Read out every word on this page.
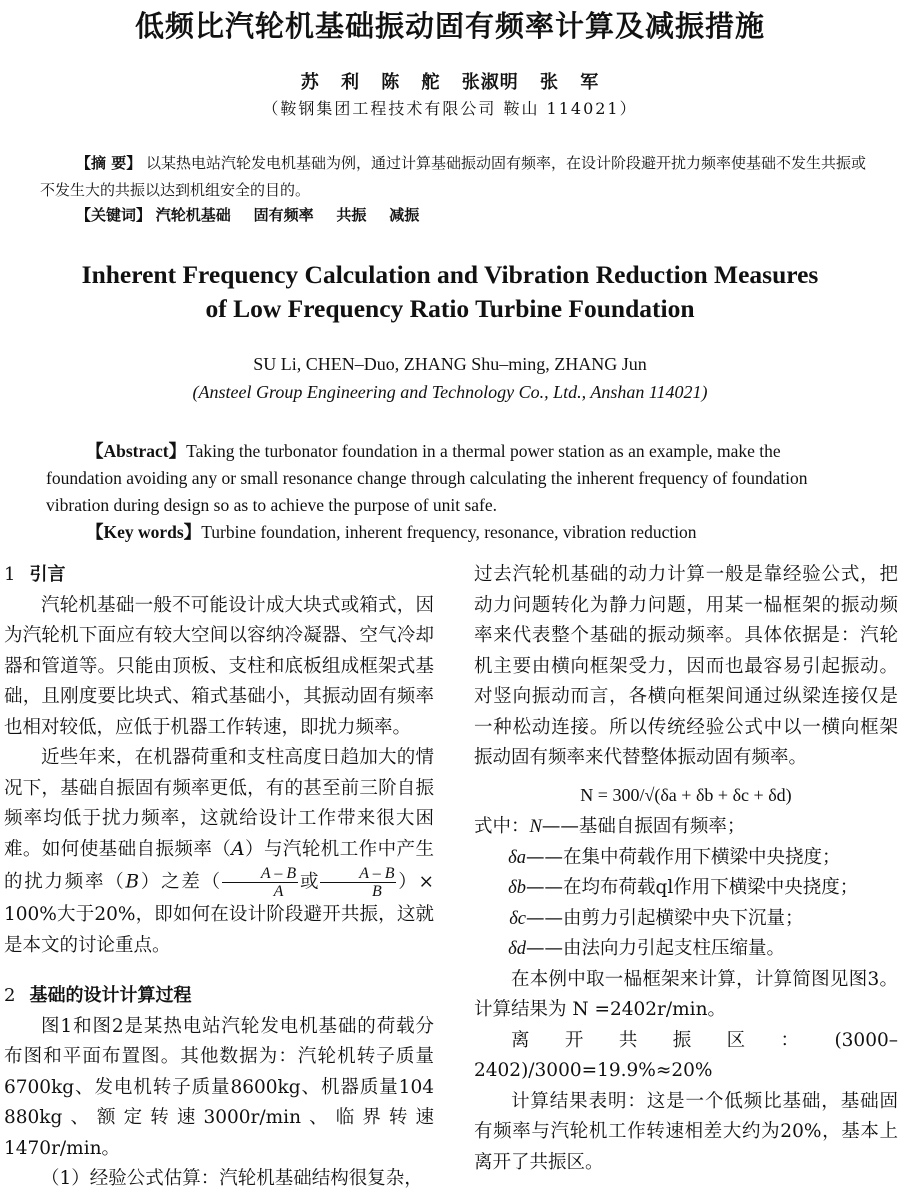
低频比汽轮机基础振动固有频率计算及减振措施
苏 利 陈 舵 张淑明 张 军
（鞍钢集团工程技术有限公司 鞍山 114021）
【摘 要】 以某热电站汽轮发电机基础为例，通过计算基础振动固有频率，在设计阶段避开扰力频率使基础不发生共振或不发生大的共振以达到机组安全的目的。
【关键词】 汽轮机基础 固有频率 共振 减振
Inherent Frequency Calculation and Vibration Reduction Measures
of Low Frequency Ratio Turbine Foundation
SU Li, CHEN–Duo, ZHANG Shu–ming, ZHANG Jun
(Ansteel Group Engineering and Technology Co., Ltd., Anshan 114021)
【Abstract】Taking the turbonator foundation in a thermal power station as an example, make the foundation avoiding any or small resonance change through calculating the inherent frequency of foundation vibration during design so as to achieve the purpose of unit safe.
【Key words】Turbine foundation, inherent frequency, resonance, vibration reduction

1 引言

汽轮机基础一般不可能设计成大块式或箱式，因为汽轮机下面应有较大空间以容纳冷凝器、空气冷却器和管道等。只能由顶板、支柱和底板组成框架式基础，且刚度要比块式、箱式基础小，其振动固有频率也相对较低，应低于机器工作转速，即扰力频率。

近些年来，在机器荷重和支柱高度日趋加大的情况下，基础自振固有频率更低，有的甚至前三阶自振频率均低于扰力频率，这就给设计工作带来很大困难。如何使基础自振频率（A）与汽轮机工作中产生的扰力频率（B）之差（ $\frac{A - B}{A}$ 或 $\frac{A - B}{B}$ ）× 100%大于20%，即如何在设计阶段避开共振，这就是本文的讨论重点。

2 基础的设计计算过程

图1和图2是某热电站汽轮发电机基础的荷载分布图和平面布置图。其他数据为：汽轮机转子质量6700kg、发电机转子质量8600kg、机器质量104 880kg、额定转速3000r/min、临界转速1470r/min。

（1）经验公式估算：汽轮机基础结构很复杂，

过去汽轮机基础的动力计算一般是靠经验公式，把动力问题转化为静力问题，用某一榀框架的振动频率来代表整个基础的振动频率。具体依据是：汽轮机主要由横向框架受力，因而也最容易引起振动。对竖向振动而言，各横向框架间通过纵梁连接仅是一种松动连接。所以传统经验公式中以一横向框架振动固有频率来代替整体振动固有频率。

N = 300/√(δa + δb + δc + δd)
式中： N ——基础自振固有频率；
δa ——在集中荷载作用下横梁中央挠度；
δb ——在均布荷载ql作用下横梁中央挠度；
δc ——由剪力引起横梁中央下沉量；
δd ——由法向力引起支柱压缩量。

在本例中取一榀框架来计算，计算简图见图3。计算结果为 N =2402r/min。

离开共振区：(3000–2402)/3000=19.9%≈20%

计算结果表明：这是一个低频比基础，基础固有频率与汽轮机工作转速相差大约为20%，基本上离开了共振区。
